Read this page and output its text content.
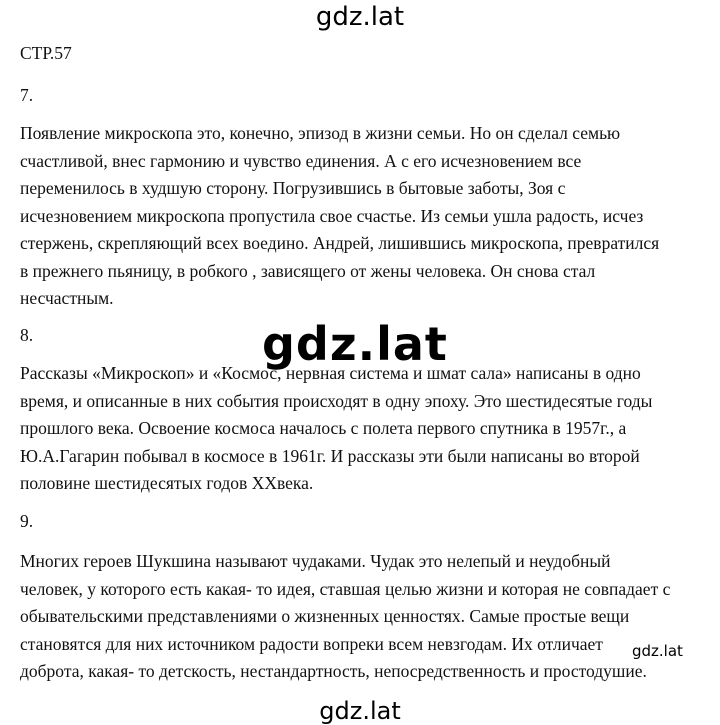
gdz.lat
СТР.57
7.
Появление микроскопа это, конечно, эпизод в жизни семьи. Но он сделал семью
счастливой, внес гармонию и чувство единения. А с его исчезновением все
переменилось в худшую сторону. Погрузившись в бытовые заботы, Зоя с
исчезновением микроскопа пропустила свое счастье. Из семьи ушла радость, исчез
стержень, скрепляющий всех воедино. Андрей, лишившись микроскопа, превратился
в прежнего пьяницу, в робкого , зависящего от жены человека. Он снова стал
несчастным.
8.
Рассказы «Микроскоп» и «Космос, нервная система и шмат сала» написаны в одно
время, и описанные в них события происходят в одну эпоху. Это шестидесятые годы
прошлого века. Освоение космоса началось с полета первого спутника в 1957г., а
Ю.А.Гагарин побывал в космосе в 1961г. И рассказы эти были написаны во второй
половине шестидесятых годов XXвека.
9.
Многих героев Шукшина называют чудаками. Чудак это нелепый и неудобный
человек, у которого есть какая- то идея, ставшая целью жизни и которая не совпадает с
обывательскими представлениями о жизненных ценностях. Самые простые вещи
становятся для них источником радости вопреки всем невзгодам. Их отличает
доброта, какая- то детскость, нестандартность, непосредственность и простодушие.
gdz.lat
gdz.lat
gdz.lat
